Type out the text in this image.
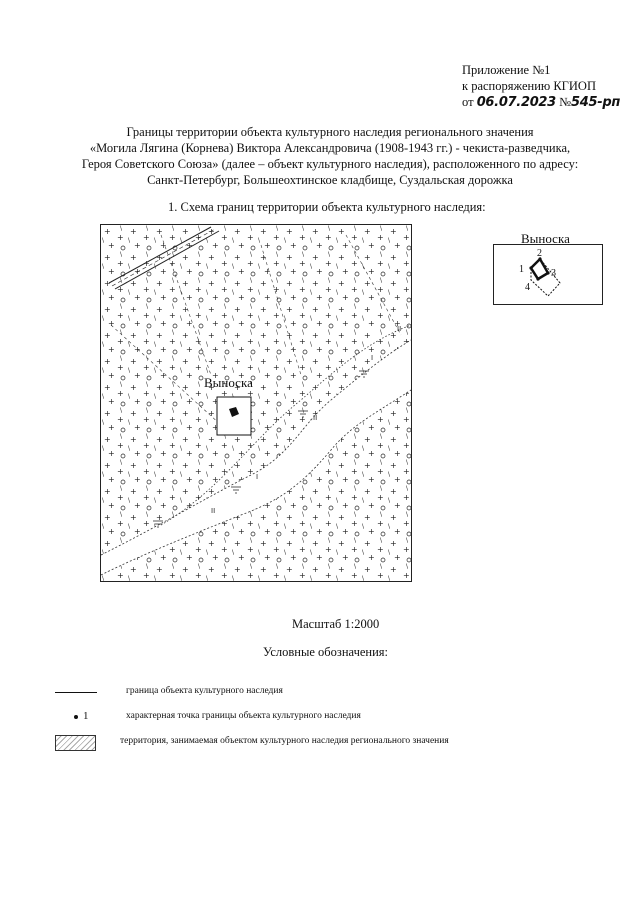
Приложение №1
к распоряжению КГИОП
от 06.07.2023 №545-рп
Границы территории объекта культурного наследия регионального значения
«Могила Лягина (Корнева) Виктора Александровича (1908-1943 гг.) - чекиста-разведчика,
Героя Советского Союза» (далее – объект культурного наследия), расположенного по адресу:
Санкт-Петербург, Большеохтинское кладбище, Суздальская дорожка
1. Схема границ территории объекта культурного наследия:
II
I
II
I
II
Выноска
Выноска
1
2
3
4
Масштаб 1:2000
Условные обозначения:
граница объекта культурного наследия
1	характерная точка границы объекта культурного наследия
территория, занимаемая объектом культурного наследия регионального значения
